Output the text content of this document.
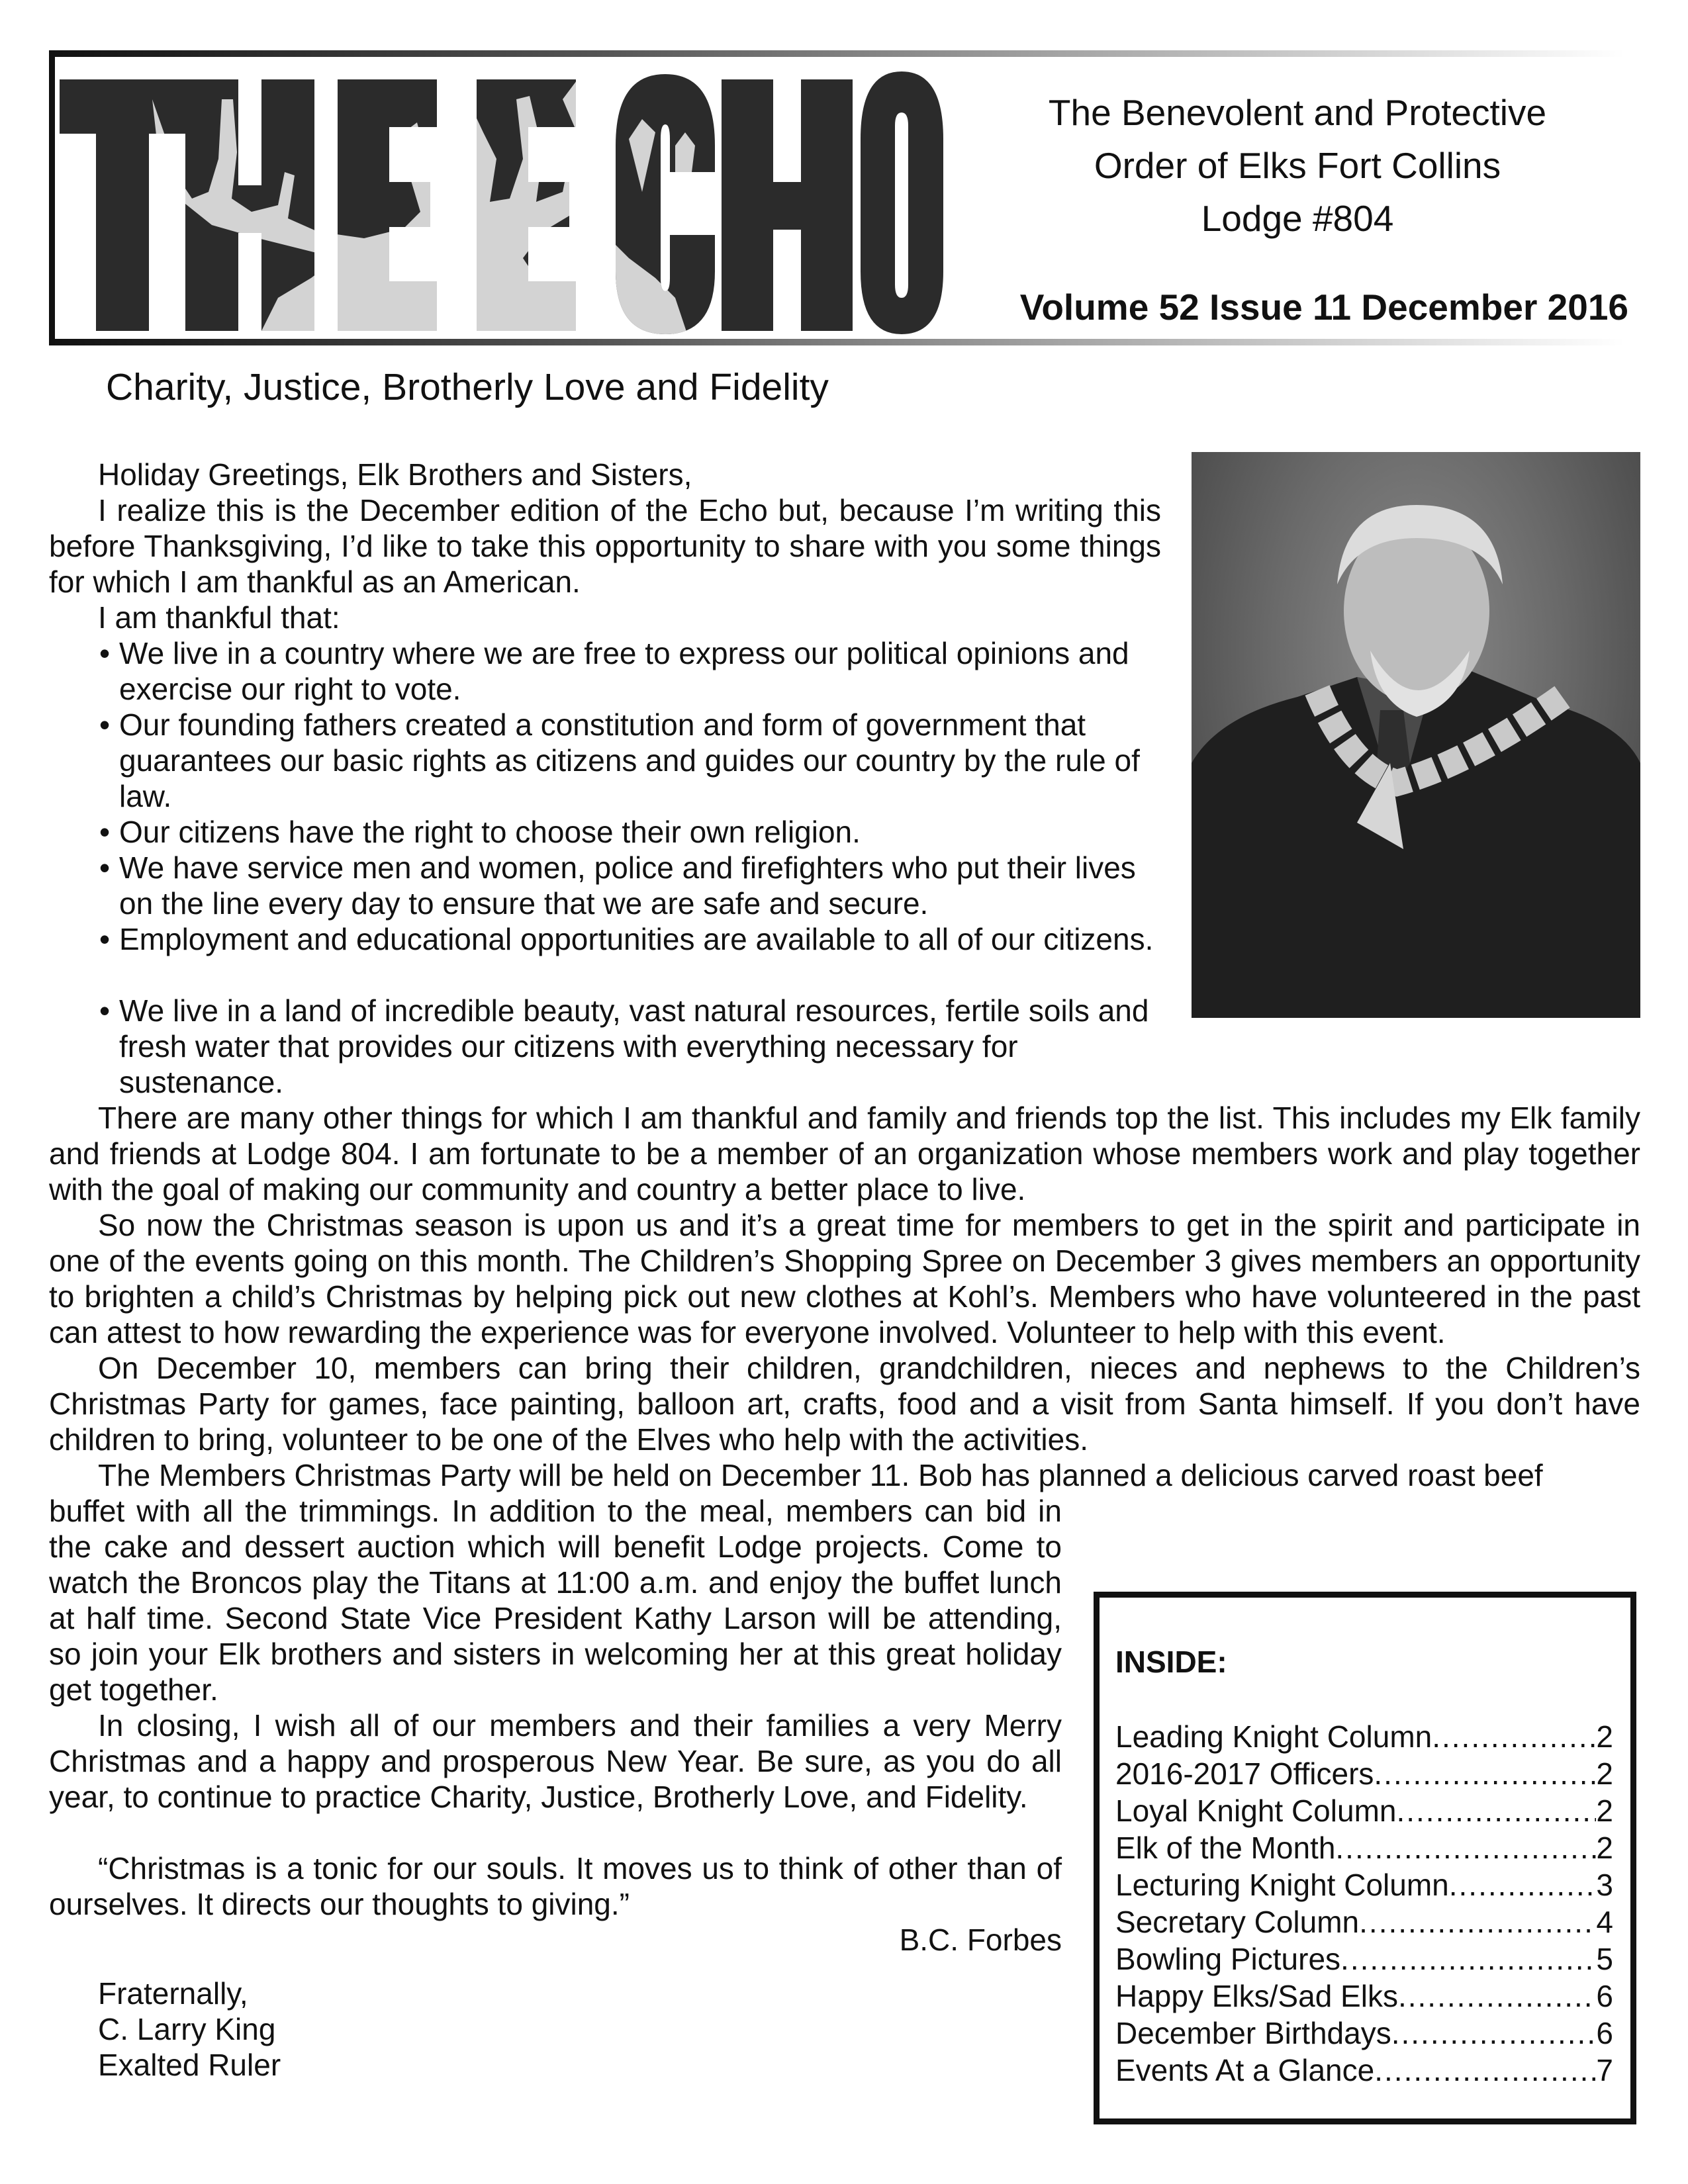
The Benevolent and Protective
Order of Elks Fort Collins
Lodge #804
Volume 52 Issue 11 December 2016
Charity, Justice, Brotherly Love and Fidelity
Holiday Greetings, Elk Brothers and Sisters,
I realize this is the December edition of the Echo but, because I’m writing this before Thanksgiving, I’d like to take this opportunity to share with you some things for which I am thankful as an American.
I am thankful that:
• We live in a country where we are free to express our political opinions and exercise our right to vote.
• Our founding fathers created a constitution and form of government that guarantees our basic rights as citizens and guides our country by the rule of law.
• Our citizens have the right to choose their own religion.
• We have service men and women, police and firefighters who put their lives on the line every day to ensure that we are safe and secure.
• Employment and educational opportunities are available to all of our citizens.
• We live in a land of incredible beauty, vast natural resources, fertile soils and fresh water that provides our citizens with everything necessary for sustenance.
There are many other things for which I am thankful and family and friends top the list. This includes my Elk family and friends at Lodge 804. I am fortunate to be a member of an organization whose members work and play together with the goal of making our community and country a better place to live.
So now the Christmas season is upon us and it’s a great time for members to get in the spirit and participate in one of the events going on this month. The Children’s Shopping Spree on December 3 gives members an opportunity to brighten a child’s Christmas by helping pick out new clothes at Kohl’s. Members who have volunteered in the past can attest to how rewarding the experience was for everyone involved. Volunteer to help with this event.
On December 10, members can bring their children, grandchildren, nieces and nephews to the Children’s Christmas Party for games, face painting, balloon art, crafts, food and a visit from Santa himself. If you don’t have children to bring, volunteer to be one of the Elves who help with the activities.
The Members Christmas Party will be held on December 11. Bob has planned a delicious carved roast beef
buffet with all the trimmings. In addition to the meal, members can bid in the cake and dessert auction which will benefit Lodge projects. Come to watch the Broncos play the Titans at 11:00 a.m. and enjoy the buffet lunch at half time. Second State Vice President Kathy Larson will be attending, so join your Elk brothers and sisters in welcoming her at this great holiday get together.
In closing, I wish all of our members and their families a very Merry Christmas and a happy and prosperous New Year. Be sure, as you do all year, to continue to practice Charity, Justice, Brotherly Love, and Fidelity.
“Christmas is a tonic for our souls. It moves us to think of other than of ourselves. It directs our thoughts to giving.”
B.C. Forbes
Fraternally,
C. Larry King
Exalted Ruler
INSIDE:
Leading Knight Column .....	2
2016-2017 Officers .....	2
Loyal Knight Column .....	2
Elk of the Month .....	2
Lecturing Knight Column .....	3
Secretary Column .....	4
Bowling Pictures .....	5
Happy Elks/Sad Elks .....	6
December Birthdays .....	6
Events At a Glance .....	7
